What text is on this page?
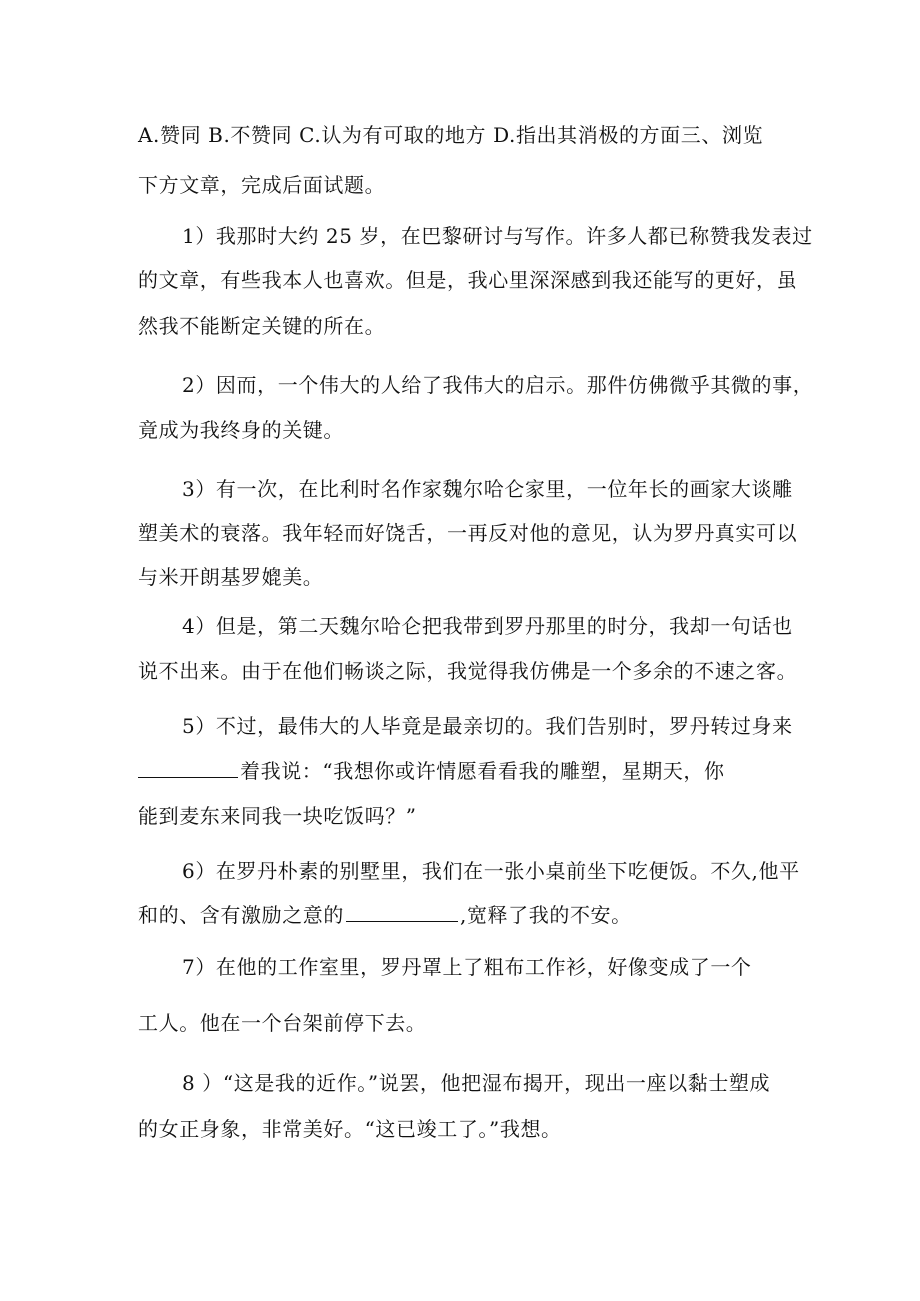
A.赞同 B.不赞同 C.认为有可取的地方 D.指出其消极的方面三、浏览
下方文章，完成后面试题。
1）我那时大约 25 岁，在巴黎研讨与写作。许多人都已称赞我发表过
的文章，有些我本人也喜欢。但是，我心里深深感到我还能写的更好，虽
然我不能断定关键的所在。
2）因而，一个伟大的人给了我伟大的启示。那件仿佛微乎其微的事，
竟成为我终身的关键。
3）有一次，在比利时名作家魏尔哈仑家里，一位年长的画家大谈雕
塑美术的衰落。我年轻而好饶舌，一再反对他的意见，认为罗丹真实可以
与米开朗基罗媲美。
4）但是，第二天魏尔哈仑把我带到罗丹那里的时分，我却一句话也
说不出来。由于在他们畅谈之际，我觉得我仿佛是一个多余的不速之客。
5）不过，最伟大的人毕竟是最亲切的。我们告别时，罗丹转过身来
着我说：“我想你或许情愿看看我的雕塑，星期天，你
能到麦东来同我一块吃饭吗？”
6）在罗丹朴素的别墅里，我们在一张小桌前坐下吃便饭。不久,他平
和的、含有激励之意的	,宽释了我的不安。
7）在他的工作室里，罗丹罩上了粗布工作衫，好像变成了一个
工人。他在一个台架前停下去。
8 ）“这是我的近作。”说罢，他把湿布揭开，现出一座以黏士塑成
的女正身象，非常美好。“这已竣工了。”我想。
